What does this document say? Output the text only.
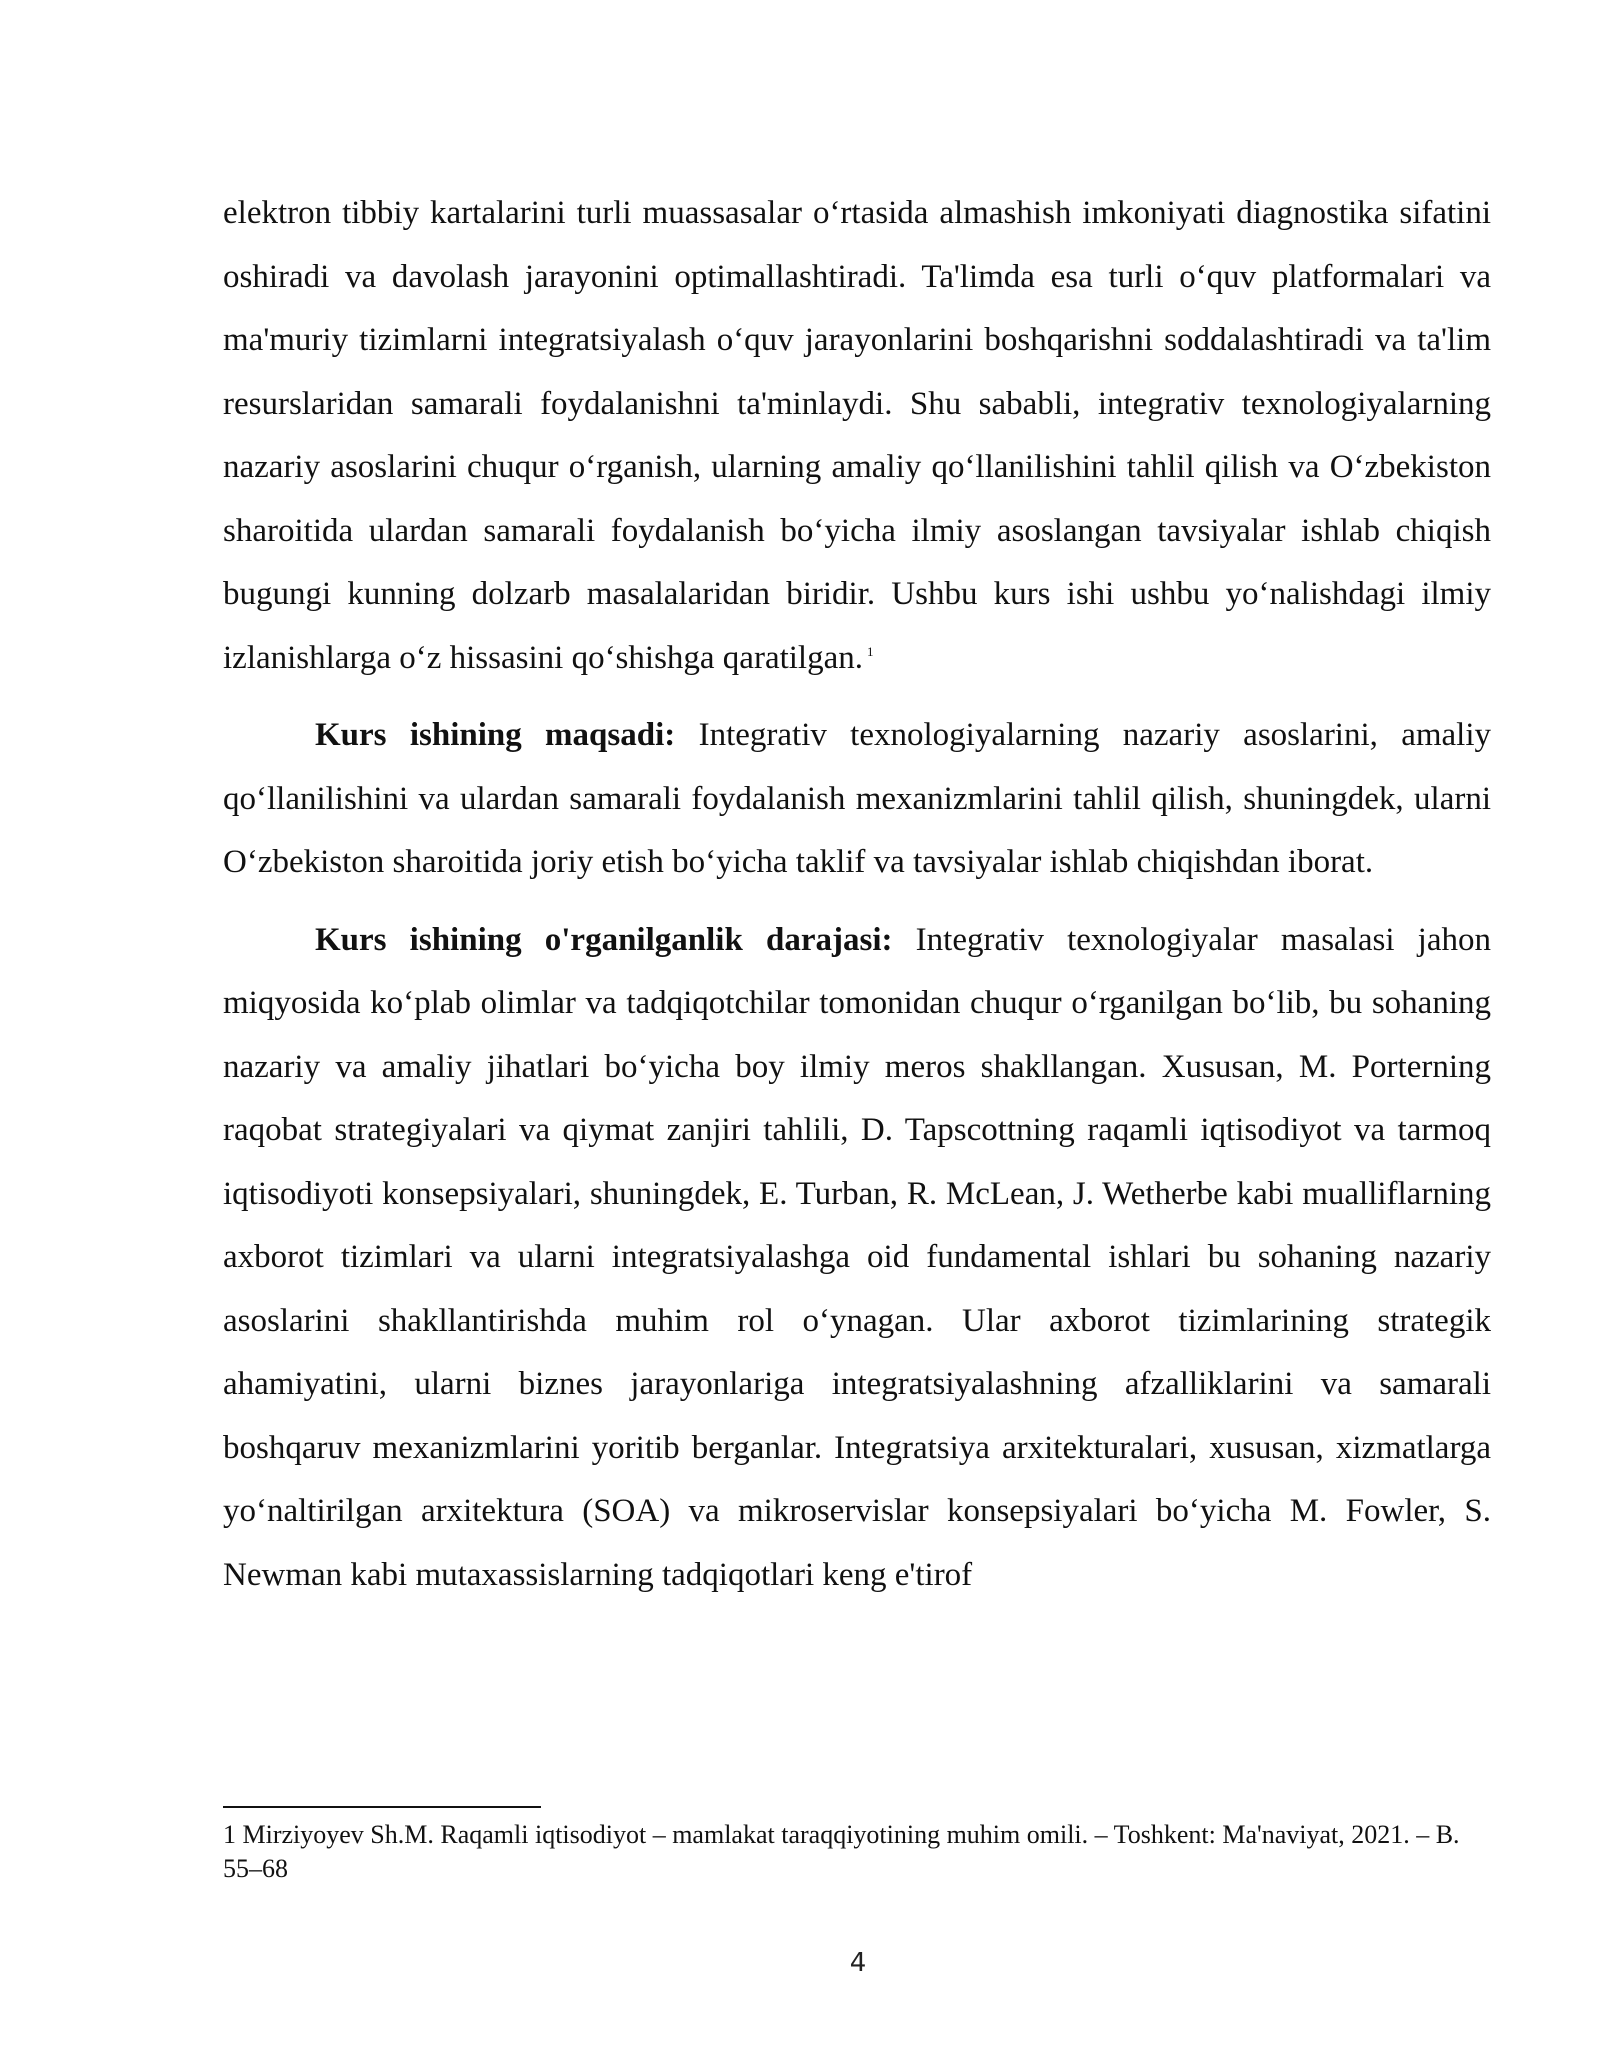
elektron tibbiy kartalarini turli muassasalar o‘rtasida almashish imkoniyati diagnostika sifatini oshiradi va davolash jarayonini optimallashtiradi. Ta'limda esa turli o‘quv platformalari va ma'muriy tizimlarni integratsiyalash o‘quv jarayonlarini boshqarishni soddalashtiradi va ta'lim resurslaridan samarali foydalanishni ta'minlaydi. Shu sababli, integrativ texnologiyalarning nazariy asoslarini chuqur o‘rganish, ularning amaliy qo‘llanilishini tahlil qilish va O‘zbekiston sharoitida ulardan samarali foydalanish bo‘yicha ilmiy asoslangan tavsiyalar ishlab chiqish bugungi kunning dolzarb masalalaridan biridir. Ushbu kurs ishi ushbu yo‘nalishdagi ilmiy izlanishlarga o‘z hissasini qo‘shishga qaratilgan. $^1$

Kurs ishining maqsadi: Integrativ texnologiyalarning nazariy asoslarini, amaliy qo‘llanilishini va ulardan samarali foydalanish mexanizmlarini tahlil qilish, shuningdek, ularni O‘zbekiston sharoitida joriy etish bo‘yicha taklif va tavsiyalar ishlab chiqishdan iborat.

Kurs ishining o'rganilganlik darajasi: Integrativ texnologiyalar masalasi jahon miqyosida ko‘plab olimlar va tadqiqotchilar tomonidan chuqur o‘rganilgan bo‘lib, bu sohaning nazariy va amaliy jihatlari bo‘yicha boy ilmiy meros shakllangan. Xususan, M. Porterning raqobat strategiyalari va qiymat zanjiri tahlili, D. Tapscottning raqamli iqtisodiyot va tarmoq iqtisodiyoti konsepsiyalari, shuningdek, E. Turban, R. McLean, J. Wetherbe kabi mualliflarning axborot tizimlari va ularni integratsiyalashga oid fundamental ishlari bu sohaning nazariy asoslarini shakllantirishda muhim rol o‘ynagan. Ular axborot tizimlarining strategik ahamiyatini, ularni biznes jarayonlariga integratsiyalashning afzalliklarini va samarali boshqaruv mexanizmlarini yoritib berganlar. Integratsiya arxitekturalari, xususan, xizmatlarga yo‘naltirilgan arxitektura (SOA) va mikroservislar konsepsiyalari bo‘yicha M. Fowler, S. Newman kabi mutaxassislarning tadqiqotlari keng e'tirof

1 Mirziyoyev Sh.M. Raqamli iqtisodiyot – mamlakat taraqqiyotining muhim omili. – Toshkent: Ma'naviyat, 2021. – B. 55–68
4
